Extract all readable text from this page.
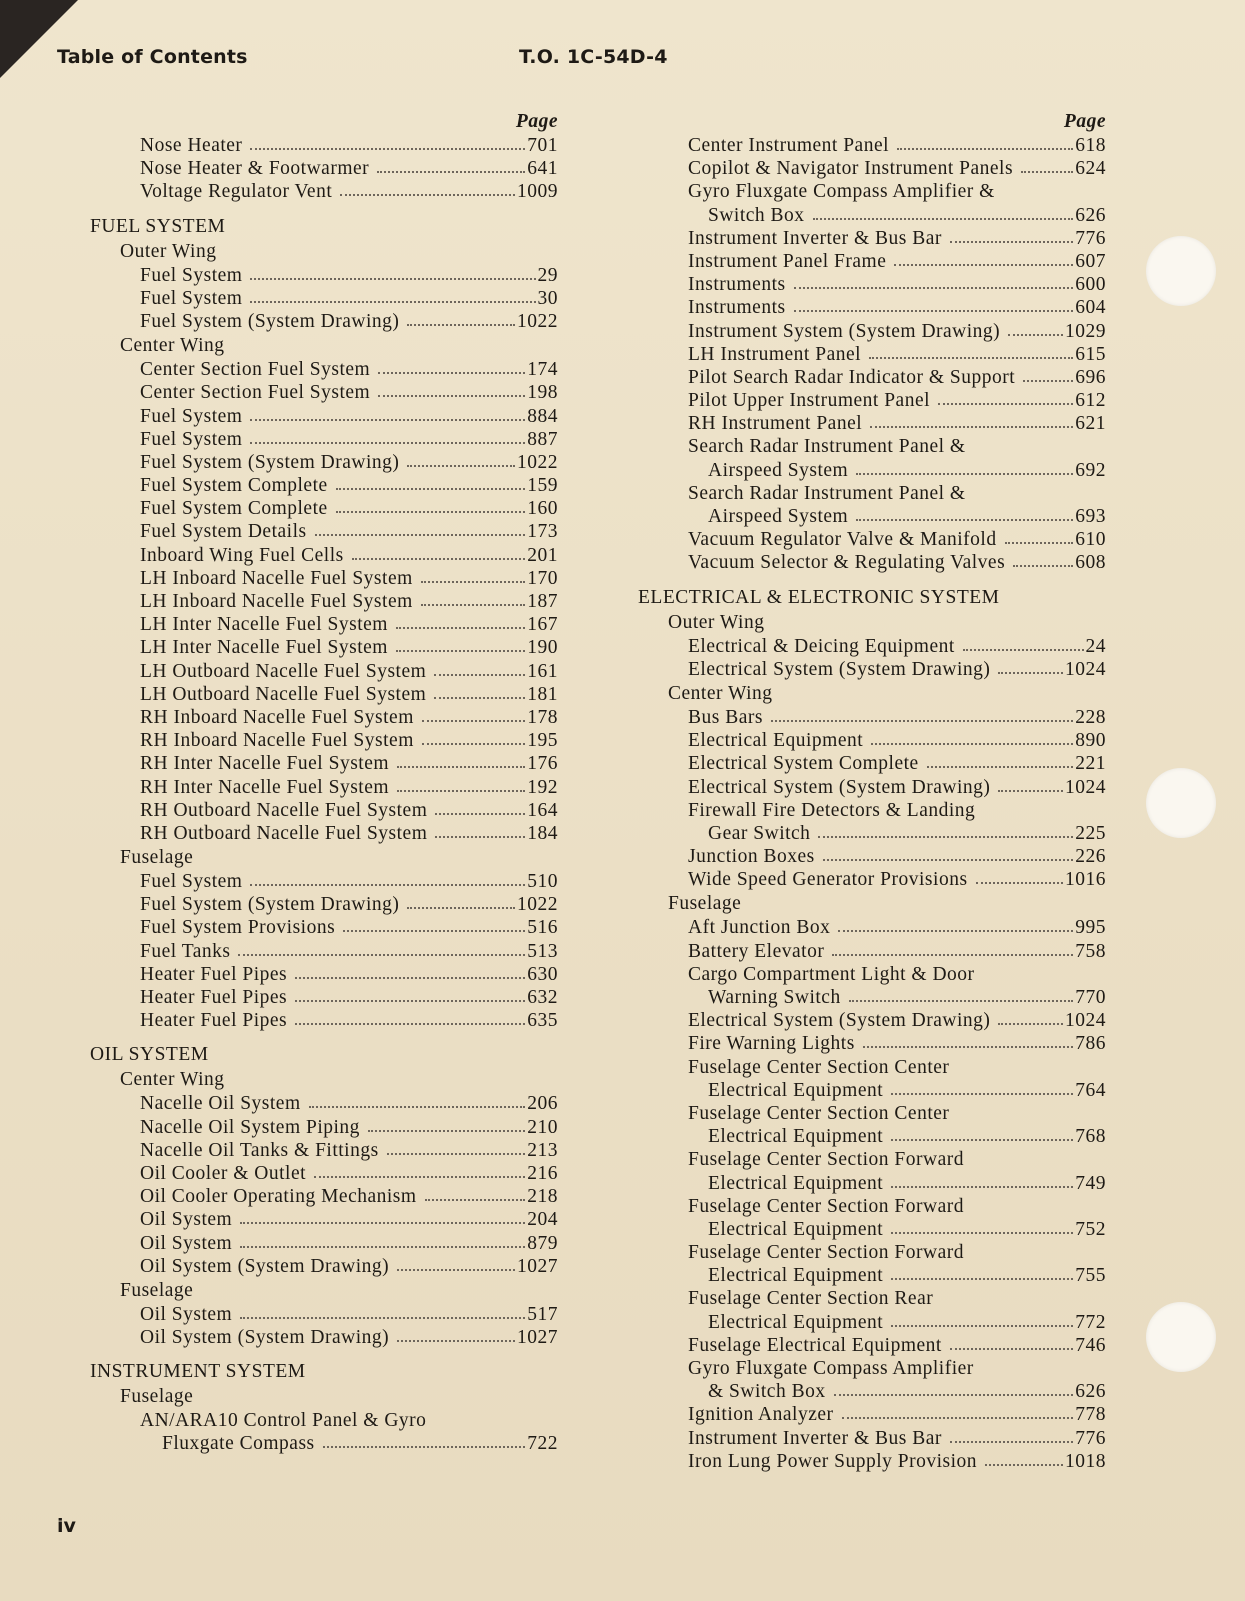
Table of Contents	T.O. 1C-54D-4
Page
Nose Heater	701
Nose Heater & Footwarmer	641
Voltage Regulator Vent	1009
FUEL SYSTEM
Outer Wing
Fuel System	29
Fuel System	30
Fuel System (System Drawing)	1022
Center Wing
Center Section Fuel System	174
Center Section Fuel System	198
Fuel System	884
Fuel System	887
Fuel System (System Drawing)	1022
Fuel System Complete	159
Fuel System Complete	160
Fuel System Details	173
Inboard Wing Fuel Cells	201
LH Inboard Nacelle Fuel System	170
LH Inboard Nacelle Fuel System	187
LH Inter Nacelle Fuel System	167
LH Inter Nacelle Fuel System	190
LH Outboard Nacelle Fuel System	161
LH Outboard Nacelle Fuel System	181
RH Inboard Nacelle Fuel System	178
RH Inboard Nacelle Fuel System	195
RH Inter Nacelle Fuel System	176
RH Inter Nacelle Fuel System	192
RH Outboard Nacelle Fuel System	164
RH Outboard Nacelle Fuel System	184
Fuselage
Fuel System	510
Fuel System (System Drawing)	1022
Fuel System Provisions	516
Fuel Tanks	513
Heater Fuel Pipes	630
Heater Fuel Pipes	632
Heater Fuel Pipes	635
OIL SYSTEM
Center Wing
Nacelle Oil System	206
Nacelle Oil System Piping	210
Nacelle Oil Tanks & Fittings	213
Oil Cooler & Outlet	216
Oil Cooler Operating Mechanism	218
Oil System	204
Oil System	879
Oil System (System Drawing)	1027
Fuselage
Oil System	517
Oil System (System Drawing)	1027
INSTRUMENT SYSTEM
Fuselage
AN/ARA10 Control Panel & Gyro
Fluxgate Compass	722
Page
Center Instrument Panel	618
Copilot & Navigator Instrument Panels	624
Gyro Fluxgate Compass Amplifier &
Switch Box	626
Instrument Inverter & Bus Bar	776
Instrument Panel Frame	607
Instruments	600
Instruments	604
Instrument System (System Drawing)	1029
LH Instrument Panel	615
Pilot Search Radar Indicator & Support	696
Pilot Upper Instrument Panel	612
RH Instrument Panel	621
Search Radar Instrument Panel &
Airspeed System	692
Search Radar Instrument Panel &
Airspeed System	693
Vacuum Regulator Valve & Manifold	610
Vacuum Selector & Regulating Valves	608
ELECTRICAL & ELECTRONIC SYSTEM
Outer Wing
Electrical & Deicing Equipment	24
Electrical System (System Drawing)	1024
Center Wing
Bus Bars	228
Electrical Equipment	890
Electrical System Complete	221
Electrical System (System Drawing)	1024
Firewall Fire Detectors & Landing
Gear Switch	225
Junction Boxes	226
Wide Speed Generator Provisions	1016
Fuselage
Aft Junction Box	995
Battery Elevator	758
Cargo Compartment Light & Door
Warning Switch	770
Electrical System (System Drawing)	1024
Fire Warning Lights	786
Fuselage Center Section Center
Electrical Equipment	764
Fuselage Center Section Center
Electrical Equipment	768
Fuselage Center Section Forward
Electrical Equipment	749
Fuselage Center Section Forward
Electrical Equipment	752
Fuselage Center Section Forward
Electrical Equipment	755
Fuselage Center Section Rear
Electrical Equipment	772
Fuselage Electrical Equipment	746
Gyro Fluxgate Compass Amplifier
& Switch Box	626
Ignition Analyzer	778
Instrument Inverter & Bus Bar	776
Iron Lung Power Supply Provision	1018
iv
